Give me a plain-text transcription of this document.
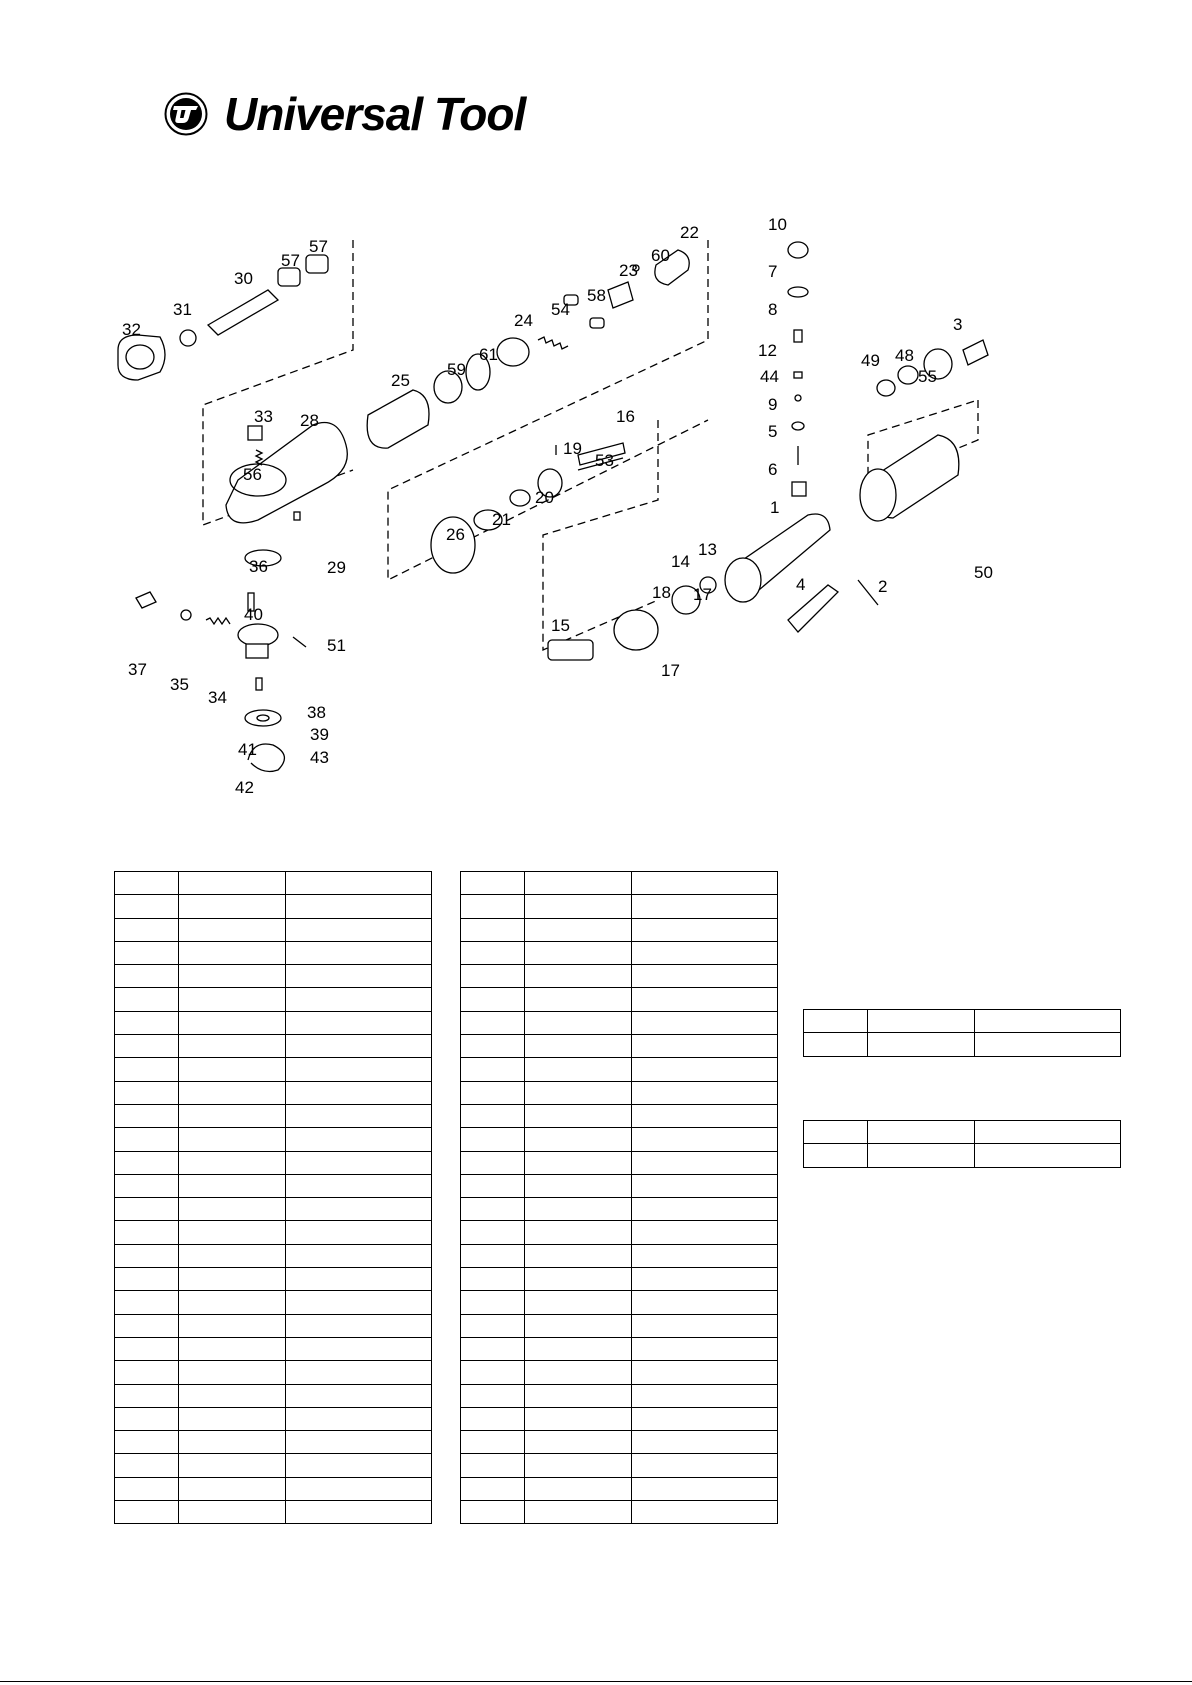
Universal Tool
1
2
3
4
5
6
7
8
9
10
12
13
14
15
16
17
17
18
19
20
21
22
23
24
25
26
28
29
30
31
32
33
34
35
36
37
38
39
40
41
42
43
44
48
49
50
51
53
54
55
56
57
57
58
59
60
61
